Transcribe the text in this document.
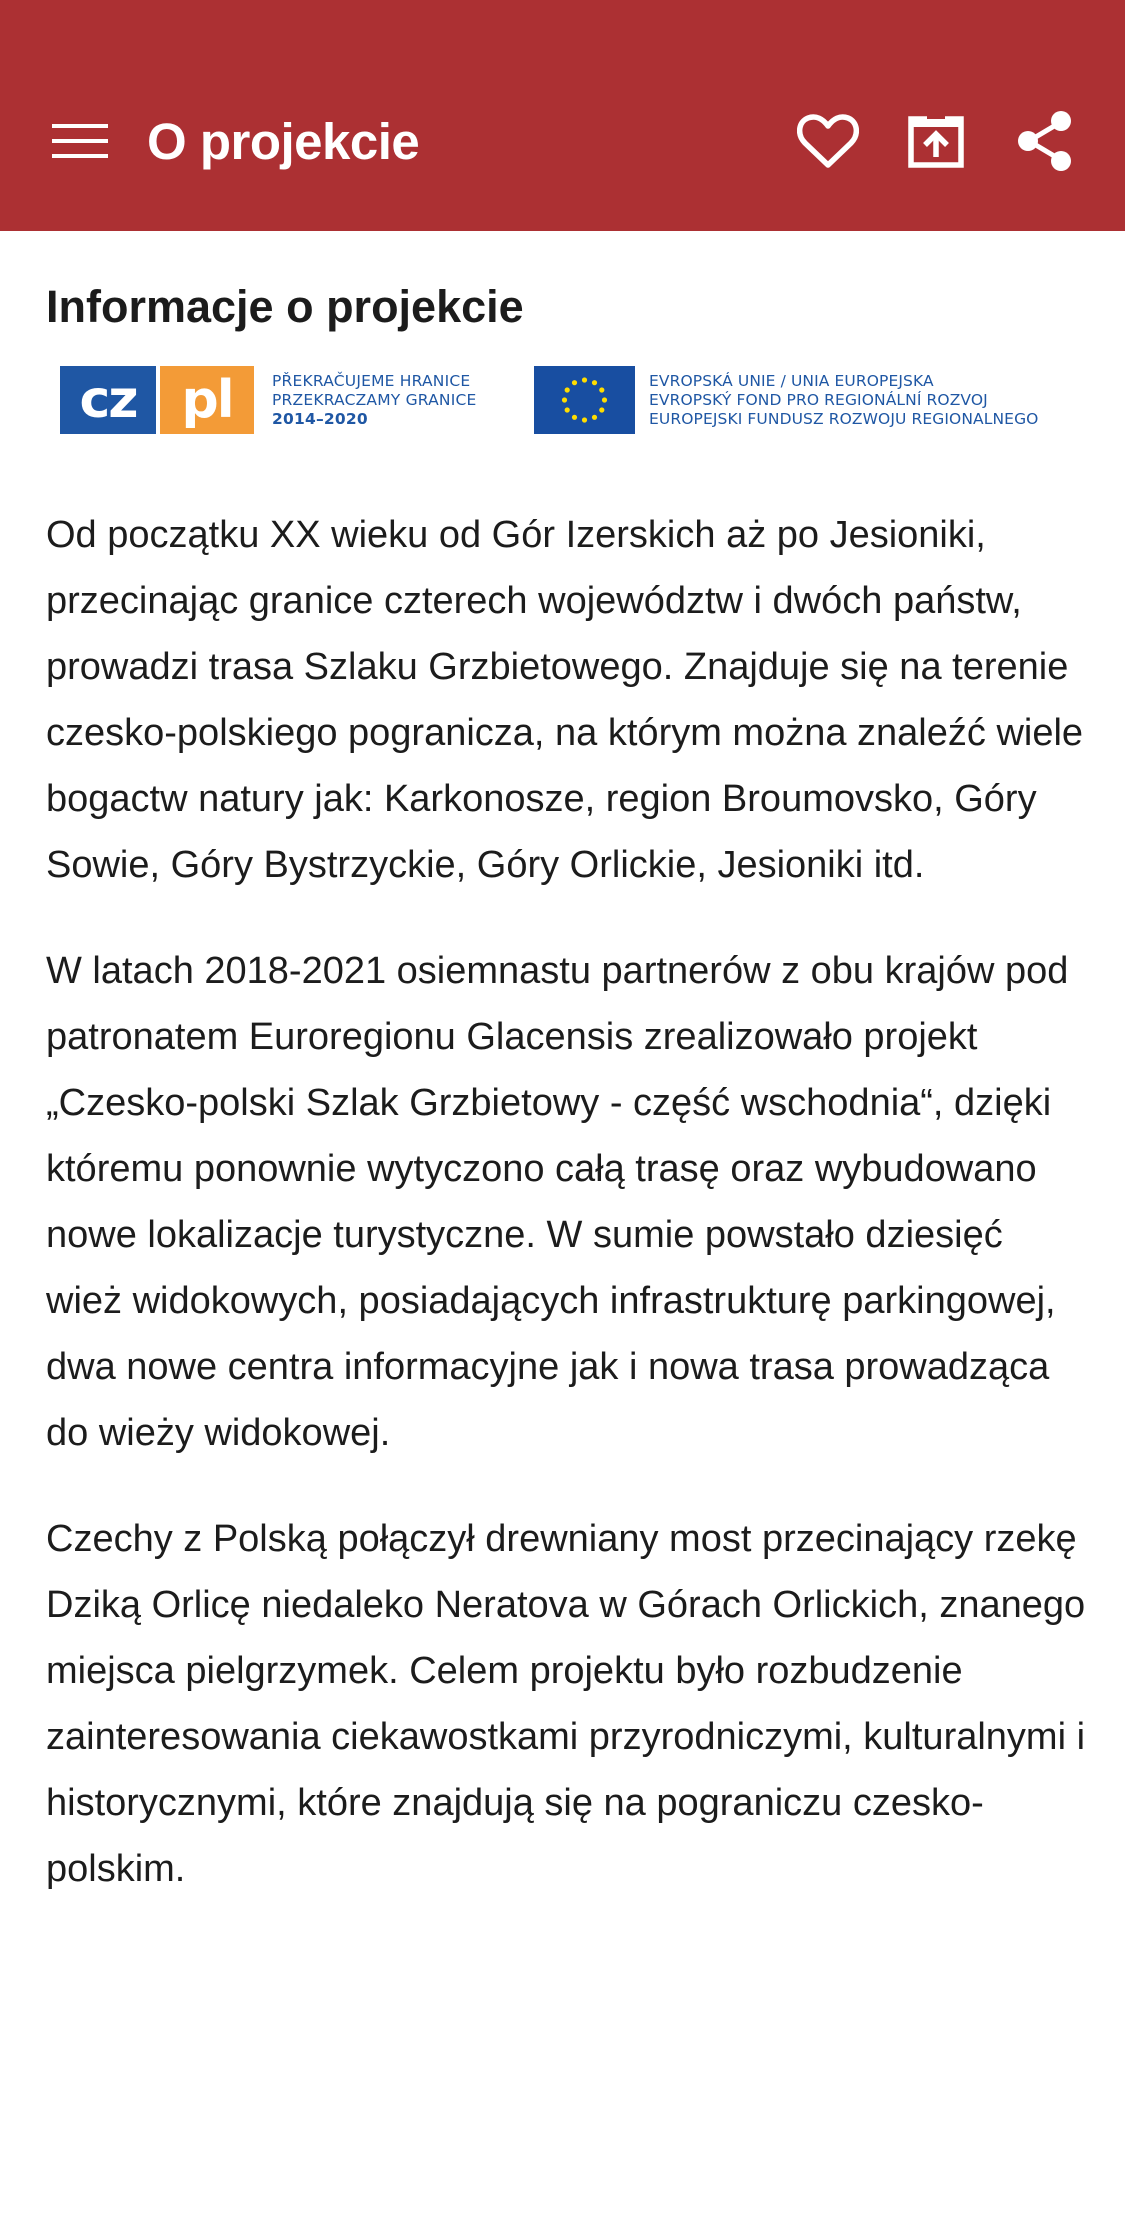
O projekcie
Informacje o projekcie
cz pl	PŘEKRAČUJEME HRANICE
PRZEKRACZAMY GRANICE
2014–2020
EVROPSKÁ UNIE / UNIA EUROPEJSKA
EVROPSKÝ FOND PRO REGIONÁLNÍ ROZVOJ
EUROPEJSKI FUNDUSZ ROZWOJU REGIONALNEGO

Od początku XX wieku od Gór Izerskich aż po Jesioniki, przecinając granice czterech województw i dwóch państw, prowadzi trasa Szlaku Grzbietowego. Znajduje się na terenie czesko-polskiego pogranicza, na którym można znaleźć wiele bogactw natury jak: Karkonosze, region Broumovsko, Góry Sowie, Góry Bystrzyckie, Góry Orlickie, Jesioniki itd.

W latach 2018-2021 osiemnastu partnerów z obu krajów pod patronatem Euroregionu Glacensis zrealizowało projekt „Czesko-polski Szlak Grzbietowy - część wschodnia“, dzięki któremu ponownie wytyczono całą trasę oraz wybudowano nowe lokalizacje turystyczne. W sumie powstało dziesięć wież widokowych, posiadających infrastrukturę parkingowej, dwa nowe centra informacyjne jak i nowa trasa prowadząca do wieży widokowej.

Czechy z Polską połączył drewniany most przecinający rzekę Dziką Orlicę niedaleko Neratova w Górach Orlickich, znanego miejsca pielgrzymek. Celem projektu było rozbudzenie zainteresowania ciekawostkami przyrodniczymi, kulturalnymi i historycznymi, które znajdują się na pograniczu czesko-polskim.
